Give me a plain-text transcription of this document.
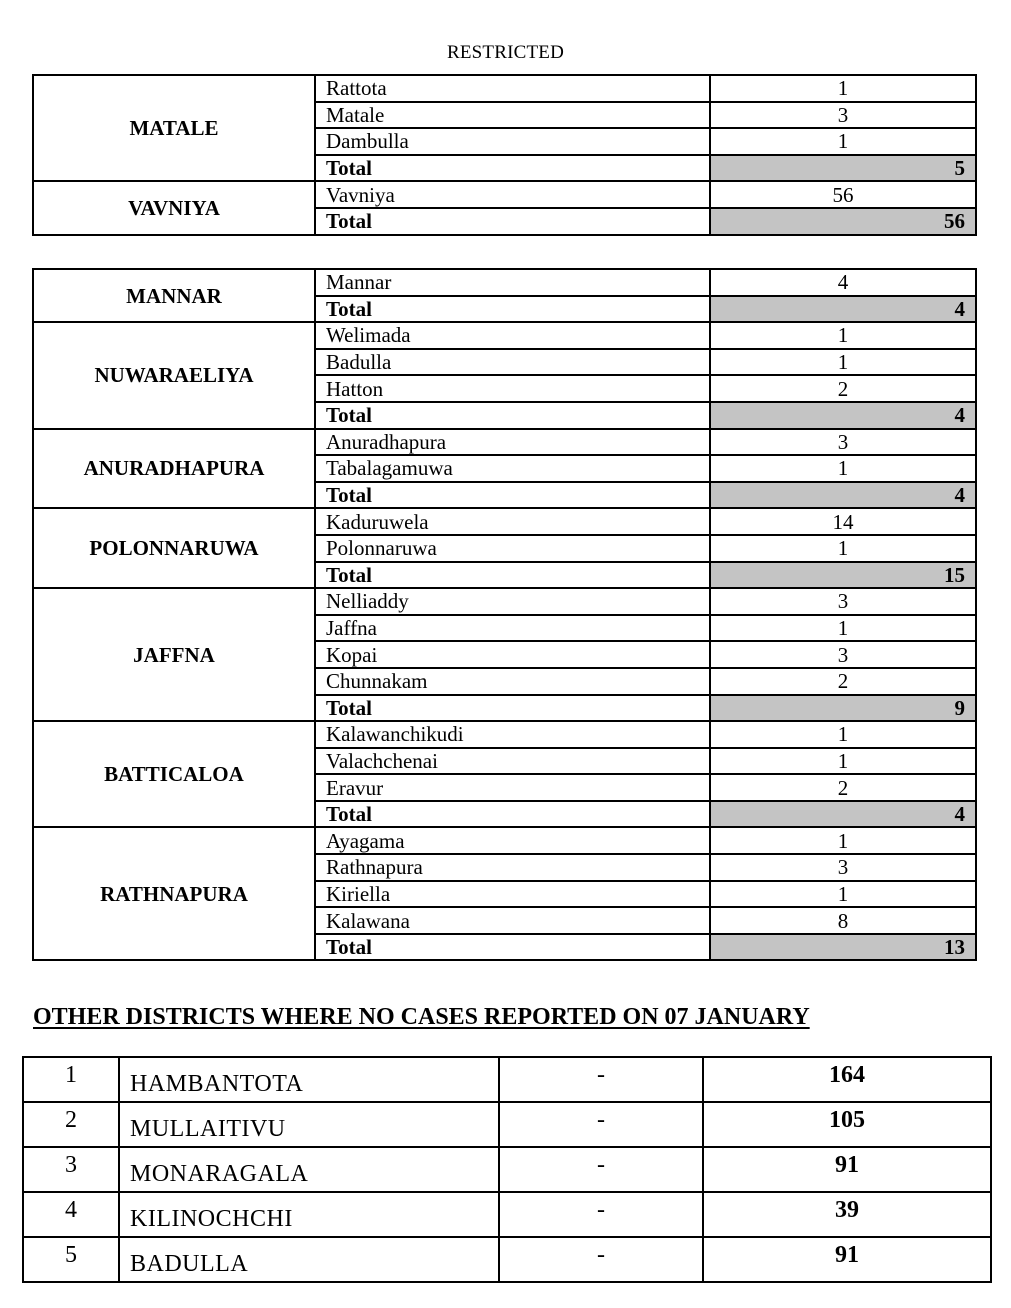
RESTRICTED
MATALE	Rattota	1
	Matale	3
	Dambulla	1
	Total	5
VAVNIYA	Vavniya	56
	Total	56
MANNAR	Mannar	4
	Total	4
NUWARAELIYA	Welimada	1
	Badulla	1
	Hatton	2
	Total	4
ANURADHAPURA	Anuradhapura	3
	Tabalagamuwa	1
	Total	4
POLONNARUWA	Kaduruwela	14
	Polonnaruwa	1
	Total	15
JAFFNA	Nelliaddy	3
	Jaffna	1
	Kopai	3
	Chunnakam	2
	Total	9
BATTICALOA	Kalawanchikudi	1
	Valachchenai	1
	Eravur	2
	Total	4
RATHNAPURA	Ayagama	1
	Rathnapura	3
	Kiriella	1
	Kalawana	8
	Total	13
OTHER DISTRICTS WHERE NO CASES REPORTED ON 07 JANUARY
1	HAMBANTOTA	-	164
2	MULLAITIVU	-	105
3	MONARAGALA	-	91
4	KILINOCHCHI	-	39
5	BADULLA	-	91
